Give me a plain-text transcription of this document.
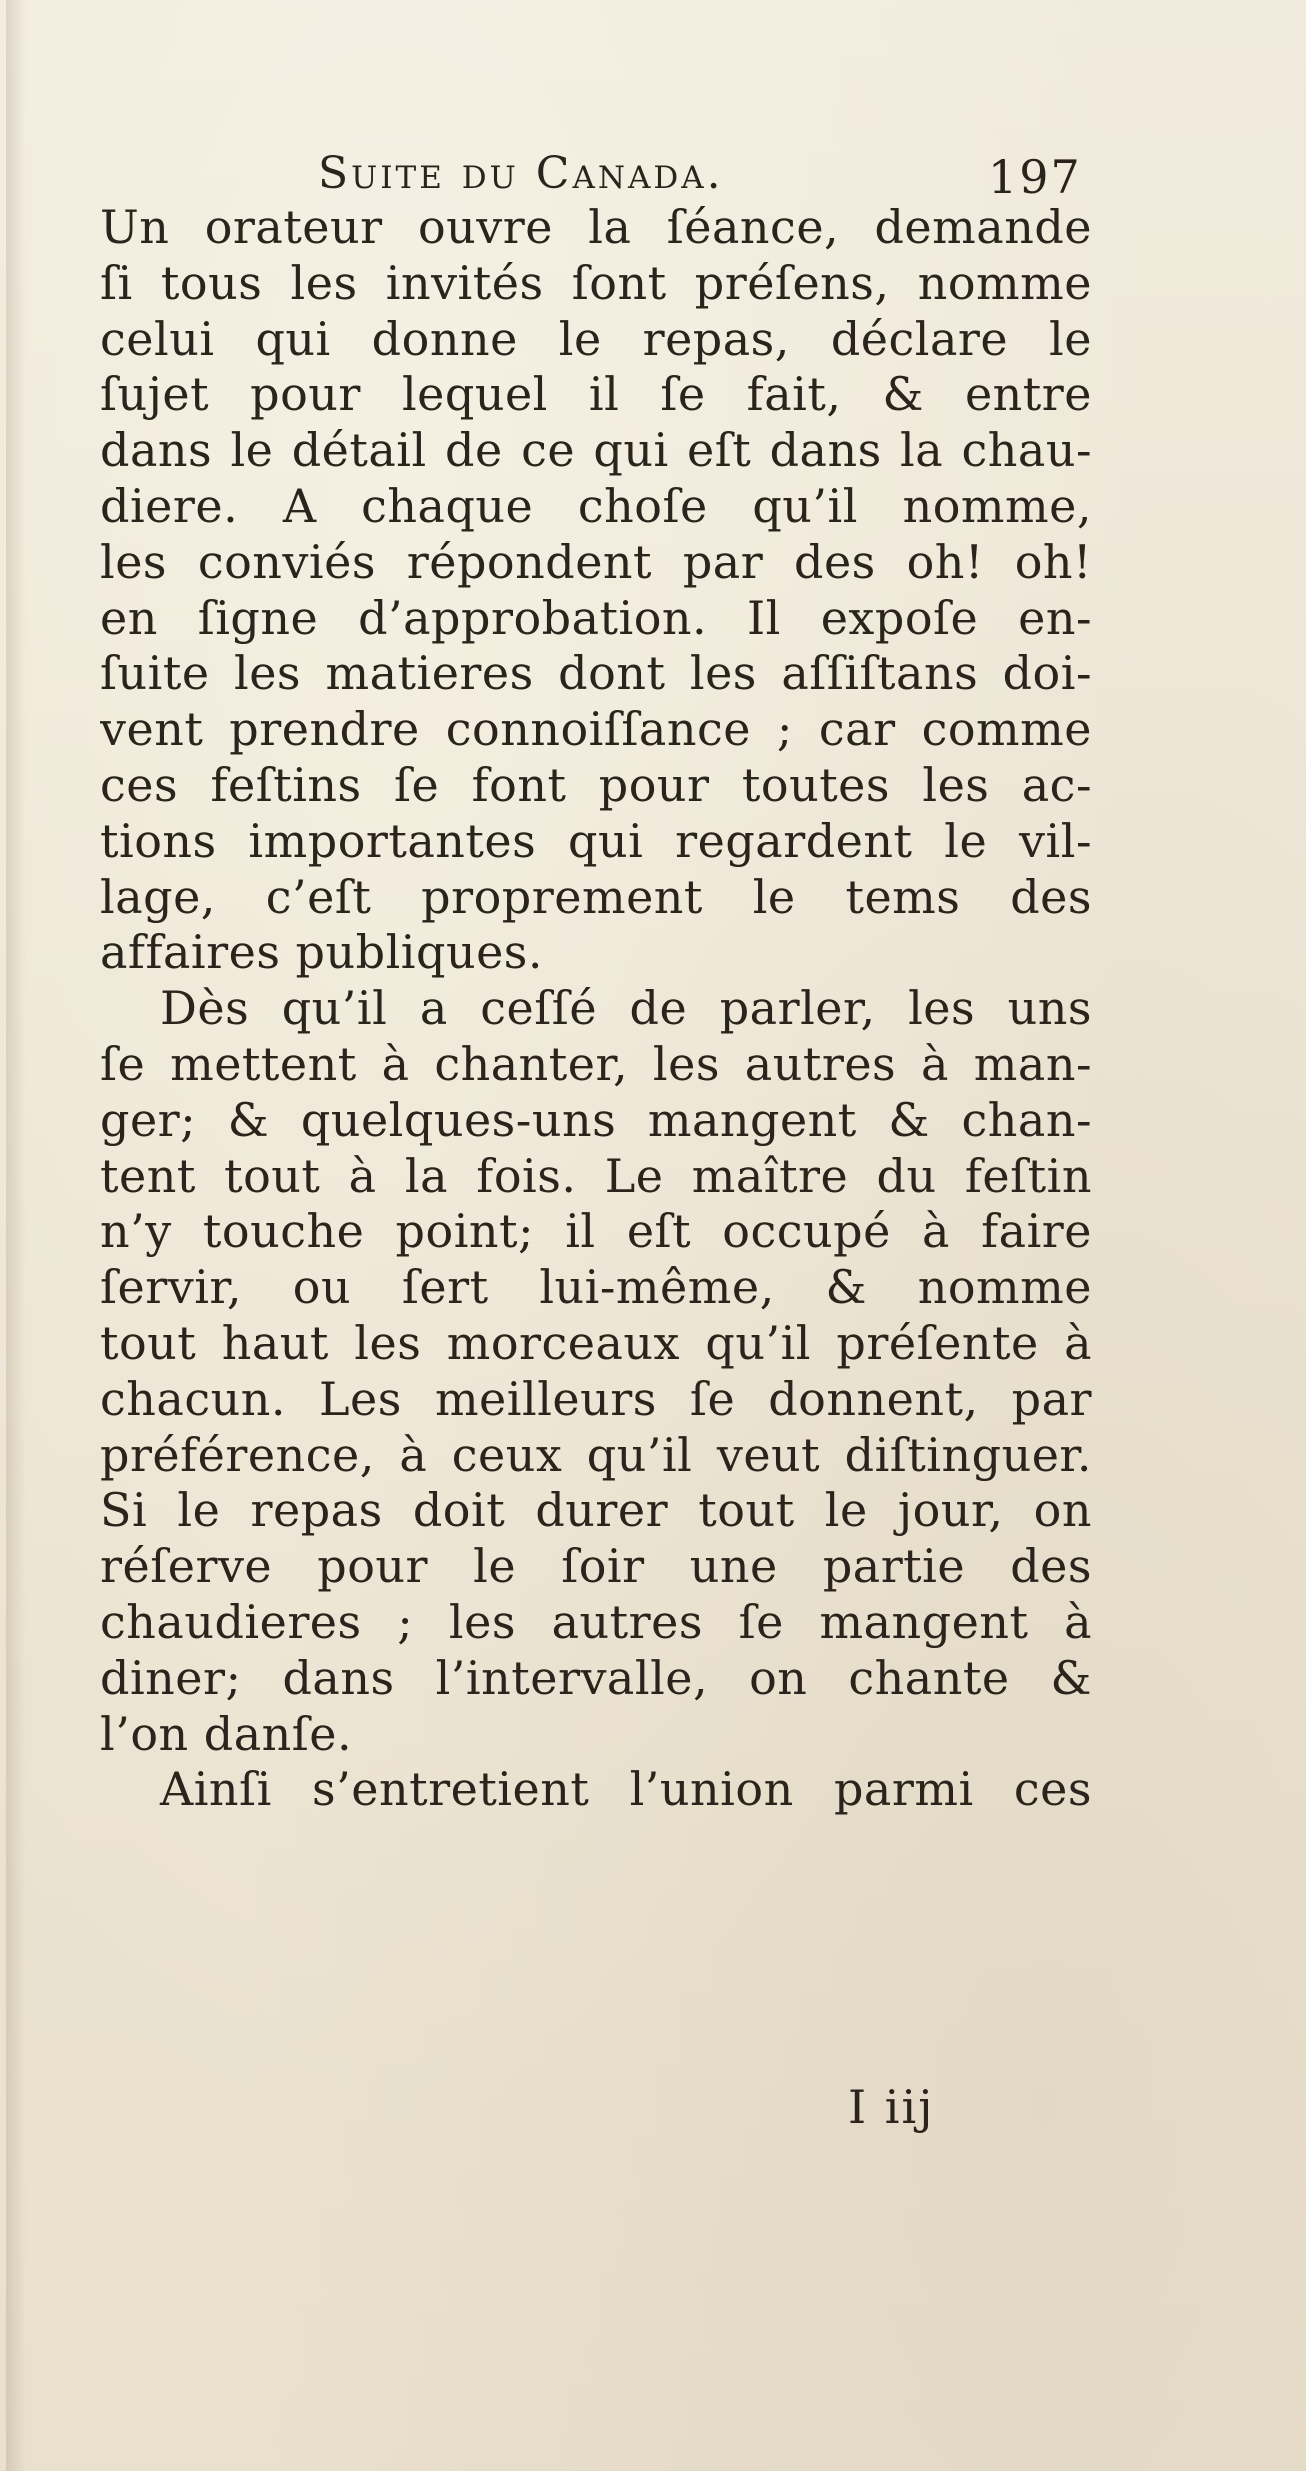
Suite du Canada.	197
Un orateur ouvre la ſéance, demande
ſi tous les invités ſont préſens, nomme
celui qui donne le repas, déclare le
ſujet pour lequel il ſe fait, & entre
dans le détail de ce qui eſt dans la chau-
diere. A chaque choſe qu’il nomme,
les conviés répondent par des oh! oh!
en ſigne d’approbation. Il expoſe en-
ſuite les matieres dont les aſſiſtans doi-
vent prendre connoiſſance ; car comme
ces feſtins ſe font pour toutes les ac-
tions importantes qui regardent le vil-
lage, c’eſt proprement le tems des
affaires publiques.
Dès qu’il a ceſſé de parler, les uns
ſe mettent à chanter, les autres à man-
ger; & quelques-uns mangent & chan-
tent tout à la fois. Le maître du feſtin
n’y touche point; il eſt occupé à faire
ſervir, ou ſert lui-même, & nomme
tout haut les morceaux qu’il préſente à
chacun. Les meilleurs ſe donnent, par
préférence, à ceux qu’il veut diſtinguer.
Si le repas doit durer tout le jour, on
réſerve pour le ſoir une partie des
chaudieres ; les autres ſe mangent à
diner; dans l’intervalle, on chante &
l’on danſe.
Ainſi s’entretient l’union parmi ces
I iij
